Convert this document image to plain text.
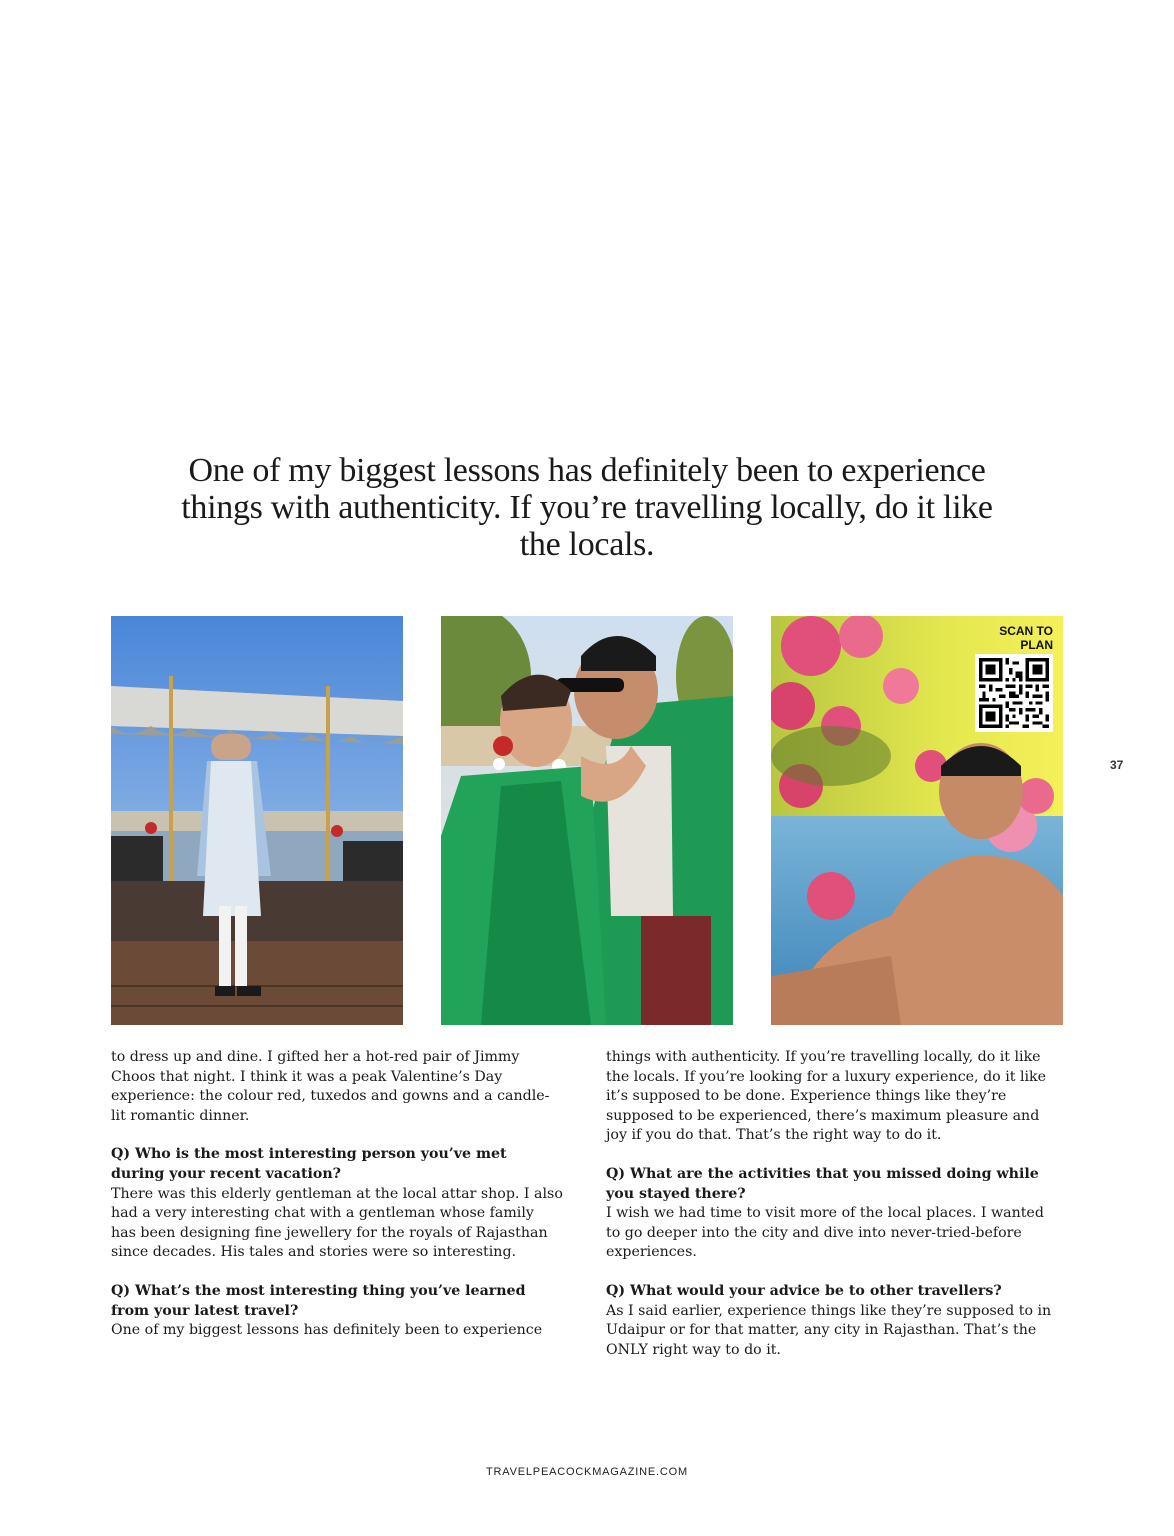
One of my biggest lessons has definitely been to experience things with authenticity. If you’re travelling locally, do it like the locals.

SCAN TO
PLAN

37

to dress up and dine. I gifted her a hot-red pair of Jimmy Choos that night. I think it was a peak Valentine’s Day experience: the colour red, tuxedos and gowns and a candle-lit romantic dinner.

Q) Who is the most interesting person you’ve met during your recent vacation?

There was this elderly gentleman at the local attar shop. I also had a very interesting chat with a gentleman whose family has been designing fine jewellery for the royals of Rajasthan since decades. His tales and stories were so interesting.

Q) What’s the most interesting thing you’ve learned from your latest travel?

One of my biggest lessons has definitely been to experience

things with authenticity. If you’re travelling locally, do it like the locals. If you’re looking for a luxury experience, do it like it’s supposed to be done. Experience things like they’re supposed to be experienced, there’s maximum pleasure and joy if you do that. That’s the right way to do it.

Q) What are the activities that you missed doing while you stayed there?

I wish we had time to visit more of the local places. I wanted to go deeper into the city and dive into never-tried-before experiences.

Q) What would your advice be to other travellers?

As I said earlier, experience things like they’re supposed to in Udaipur or for that matter, any city in Rajasthan. That’s the ONLY right way to do it.

TRAVELPEACOCKMAGAZINE.COM
